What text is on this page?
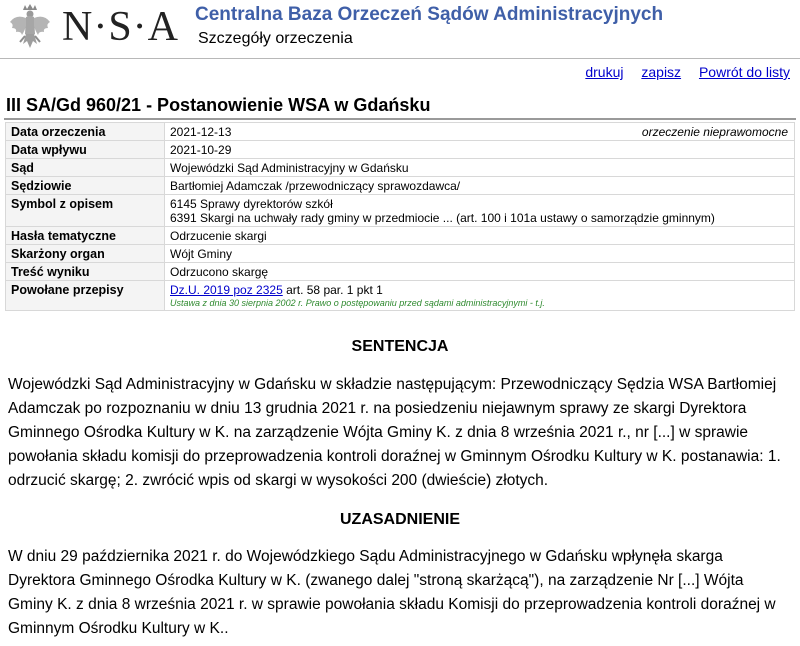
N·S·A Centralna Baza Orzeczeń Sądów Administracyjnych
Szczegóły orzeczenia
drukuj zapisz Powrót do listy
III SA/Gd 960/21 - Postanowienie WSA w Gdańsku
Data orzeczenia	2021-12-13 orzeczenie nieprawomocne

Data wpływu	2021-10-29
Sąd	Wojewódzki Sąd Administracyjny w Gdańsku
Sędziowie	Bartłomiej Adamczak /przewodniczący sprawozdawca/
Symbol z opisem	6145 Sprawy dyrektorów szkół
6391 Skargi na uchwały rady gminy w przedmiocie ... (art. 100 i 101a ustawy o samorządzie gminnym)

Hasła tematyczne	Odrzucenie skargi
Skarżony organ	Wójt Gminy
Treść wyniku	Odrzucono skargę
Powołane przepisy	Dz.U. 2019 poz 2325 art. 58 par. 1 pkt 1
Ustawa z dnia 30 sierpnia 2002 r. Prawo o postępowaniu przed sądami administracyjnymi - t.j.
SENTENCJA
Wojewódzki Sąd Administracyjny w Gdańsku w składzie następującym: Przewodniczący Sędzia WSA Bartłomiej Adamczak po rozpoznaniu w dniu 13 grudnia 2021 r. na posiedzeniu niejawnym sprawy ze skargi Dyrektora Gminnego Ośrodka Kultury w K. na zarządzenie Wójta Gminy K. z dnia 8 września 2021 r., nr [...] w sprawie powołania składu komisji do przeprowadzenia kontroli doraźnej w Gminnym Ośrodku Kultury w K. postanawia: 1. odrzucić skargę; 2. zwrócić wpis od skargi w wysokości 200 (dwieście) złotych.
UZASADNIENIE
W dniu 29 października 2021 r. do Wojewódzkiego Sądu Administracyjnego w Gdańsku wpłynęła skarga Dyrektora Gminnego Ośrodka Kultury w K. (zwanego dalej "stroną skarżącą"), na zarządzenie Nr [...] Wójta Gminy K. z dnia 8 września 2021 r. w sprawie powołania składu Komisji do przeprowadzenia kontroli doraźnej w Gminnym Ośrodku Kultury w K..
